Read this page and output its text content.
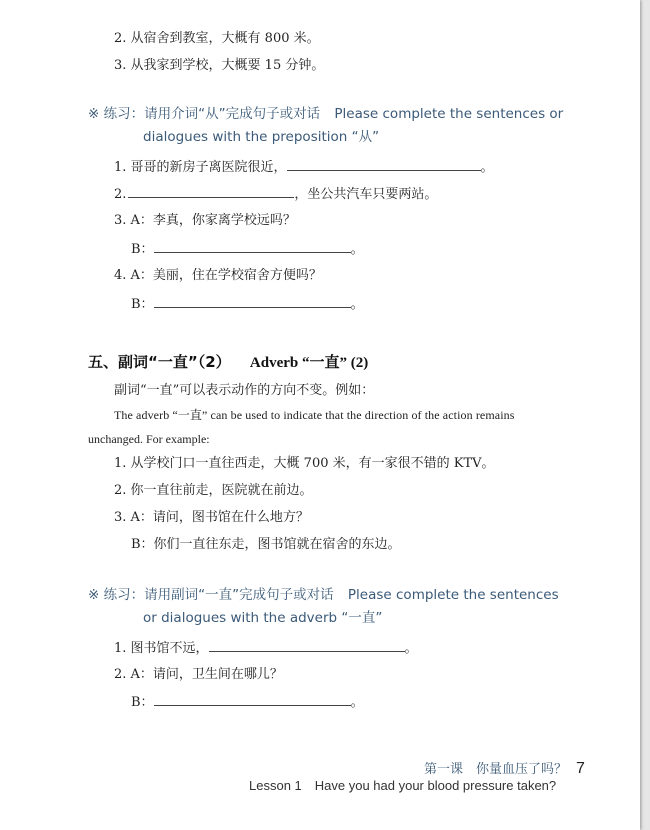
2. 从宿舍到教室，大概有 800 米。
3. 从我家到学校，大概要 15 分钟。
※ 练习：请用介词“从”完成句子或对话 Please complete the sentences or
dialogues with the preposition “从”
1. 哥哥的新房子离医院很近，	。
2.	，坐公共汽车只要两站。
3. A：李真，你家离学校远吗？
B：	。
4. A：美丽，住在学校宿舍方便吗？
B：	。
五、副词“一直”（2） Adverb “一直” (2)
副词“一直”可以表示动作的方向不变。例如：
The adverb “一直” can be used to indicate that the direction of the action remains
unchanged. For example:
1. 从学校门口一直往西走，大概 700 米，有一家很不错的 KTV。
2. 你一直往前走，医院就在前边。
3. A：请问，图书馆在什么地方？
B：你们一直往东走，图书馆就在宿舍的东边。
※ 练习：请用副词“一直”完成句子或对话 Please complete the sentences
or dialogues with the adverb “一直”
1. 图书馆不远，	。
2. A：请问，卫生间在哪儿？
B：	。
第一课　你量血压了吗？ 7
Lesson 1　Have you had your blood pressure taken?
